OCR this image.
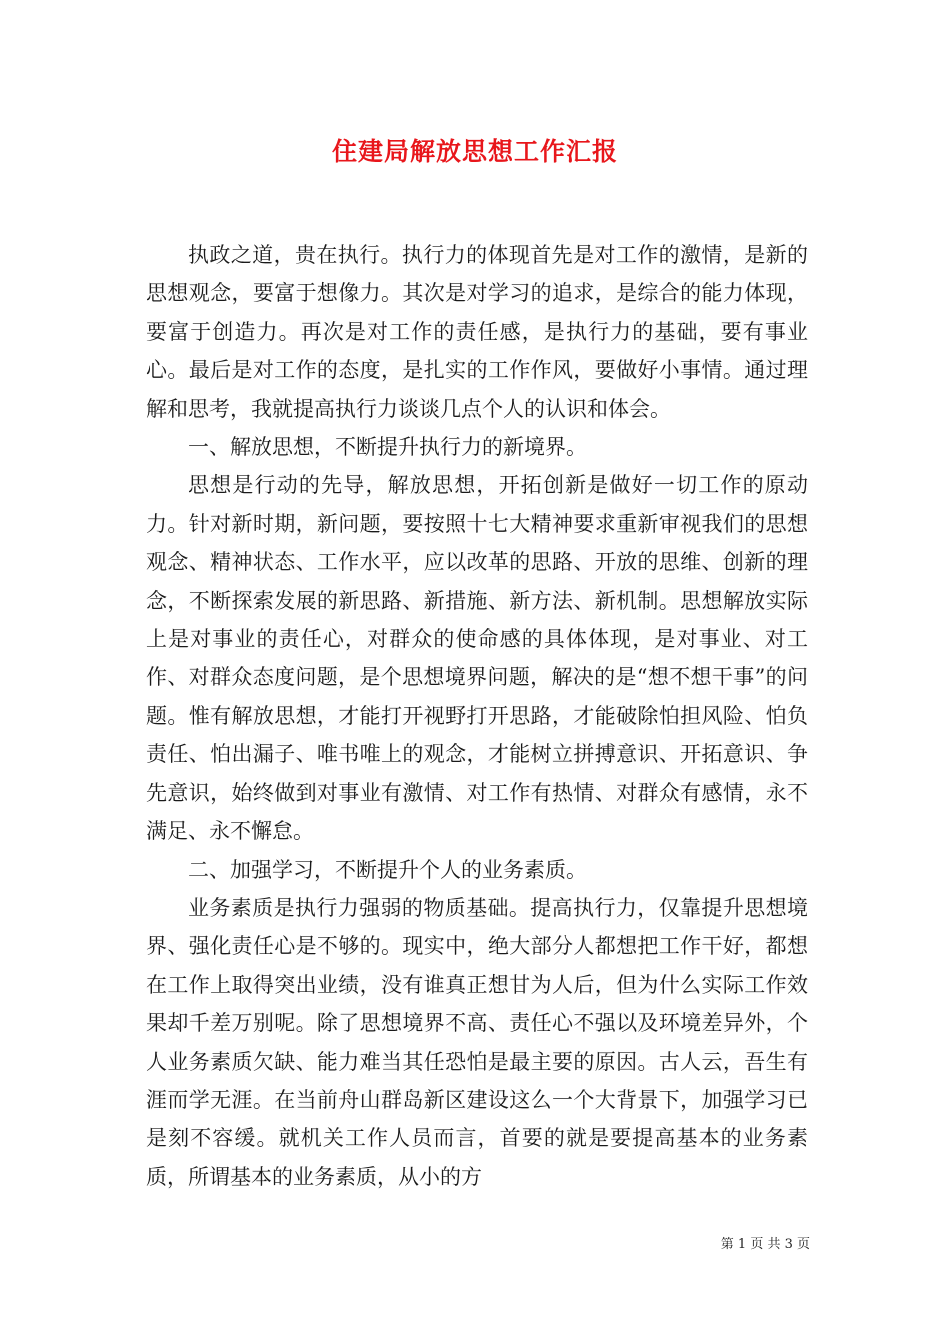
住建局解放思想工作汇报

执政之道，贵在执行。执行力的体现首先是对工作的激情，是新的思想观念，要富于想像力。其次是对学习的追求，是综合的能力体现，要富于创造力。再次是对工作的责任感，是执行力的基础，要有事业心。最后是对工作的态度，是扎实的工作作风，要做好小事情。通过理解和思考，我就提高执行力谈谈几点个人的认识和体会。

一、解放思想，不断提升执行力的新境界。

思想是行动的先导，解放思想，开拓创新是做好一切工作的原动力。针对新时期，新问题，要按照十七大精神要求重新审视我们的思想观念、精神状态、工作水平，应以改革的思路、开放的思维、创新的理念，不断探索发展的新思路、新措施、新方法、新机制。思想解放实际上是对事业的责任心，对群众的使命感的具体体现，是对事业、对工作、对群众态度问题，是个思想境界问题，解决的是“想不想干事”的问题。惟有解放思想，才能打开视野打开思路，才能破除怕担风险、怕负责任、怕出漏子、唯书唯上的观念，才能树立拼搏意识、开拓意识、争先意识，始终做到对事业有激情、对工作有热情、对群众有感情，永不满足、永不懈怠。

二、加强学习，不断提升个人的业务素质。

业务素质是执行力强弱的物质基础。提高执行力，仅靠提升思想境界、强化责任心是不够的。现实中，绝大部分人都想把工作干好，都想在工作上取得突出业绩，没有谁真正想甘为人后，但为什么实际工作效果却千差万别呢。除了思想境界不高、责任心不强以及环境差异外，个人业务素质欠缺、能力难当其任恐怕是最主要的原因。古人云，吾生有涯而学无涯。在当前舟山群岛新区建设这么一个大背景下，加强学习已是刻不容缓。就机关工作人员而言，首要的就是要提高基本的业务素质，所谓基本的业务素质，从小的方

第 1 页 共 3 页
